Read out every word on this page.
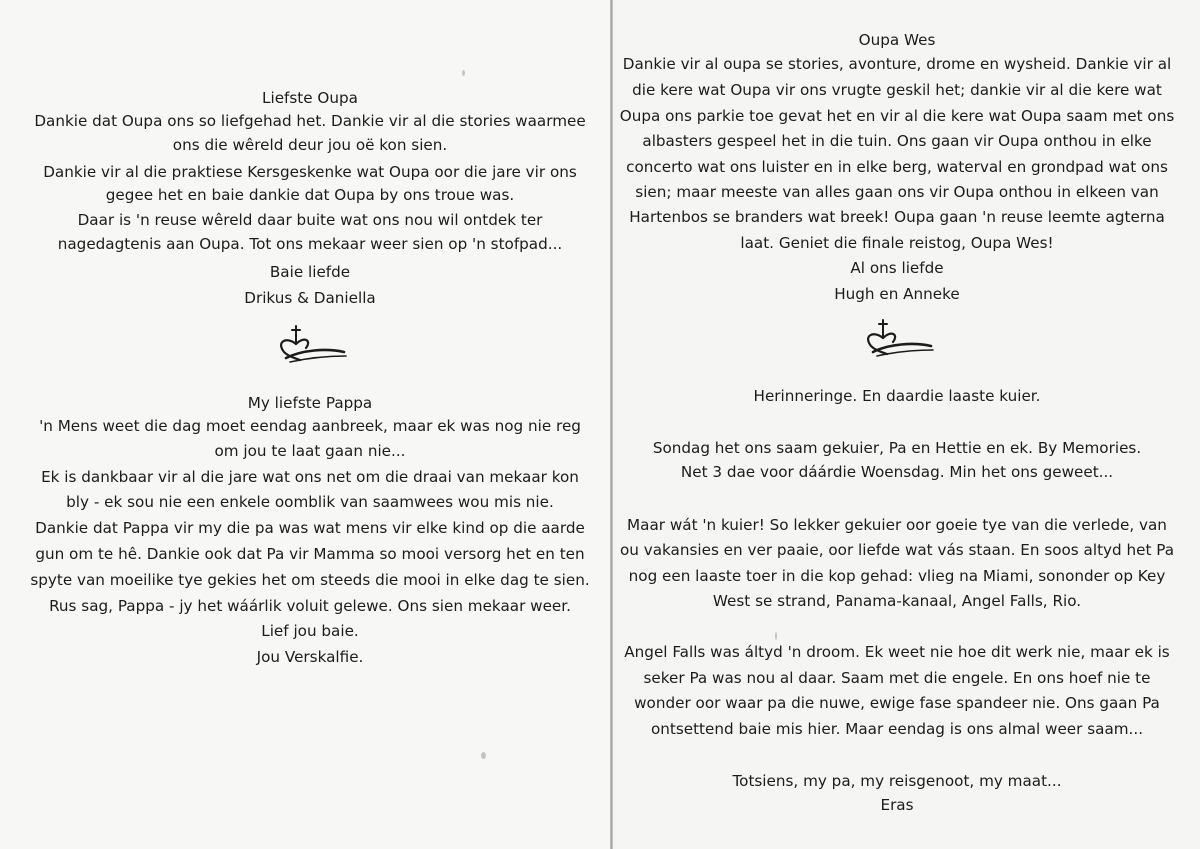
Liefste Oupa
Dankie dat Oupa ons so liefgehad het. Dankie vir al die stories waarmee
ons die wêreld deur jou oë kon sien.
Dankie vir al die praktiese Kersgeskenke wat Oupa oor die jare vir ons
gegee het en baie dankie dat Oupa by ons troue was.
Daar is 'n reuse wêreld daar buite wat ons nou wil ontdek ter
nagedagtenis aan Oupa. Tot ons mekaar weer sien op 'n stofpad...
Baie liefde
Drikus & Daniella
My liefste Pappa
'n Mens weet die dag moet eendag aanbreek, maar ek was nog nie reg
om jou te laat gaan nie...
Ek is dankbaar vir al die jare wat ons net om die draai van mekaar kon
bly - ek sou nie een enkele oomblik van saamwees wou mis nie.
Dankie dat Pappa vir my die pa was wat mens vir elke kind op die aarde
gun om te hê. Dankie ook dat Pa vir Mamma so mooi versorg het en ten
spyte van moeilike tye gekies het om steeds die mooi in elke dag te sien.
Rus sag, Pappa - jy het wáárlik voluit gelewe. Ons sien mekaar weer.
Lief jou baie.
Jou Verskalfie.
Oupa Wes
Dankie vir al oupa se stories, avonture, drome en wysheid. Dankie vir al
die kere wat Oupa vir ons vrugte geskil het; dankie vir al die kere wat
Oupa ons parkie toe gevat het en vir al die kere wat Oupa saam met ons
albasters gespeel het in die tuin. Ons gaan vir Oupa onthou in elke
concerto wat ons luister en in elke berg, waterval en grondpad wat ons
sien; maar meeste van alles gaan ons vir Oupa onthou in elkeen van
Hartenbos se branders wat breek! Oupa gaan 'n reuse leemte agterna
laat. Geniet die finale reistog, Oupa Wes!
Al ons liefde
Hugh en Anneke
Herinneringe. En daardie laaste kuier.
Sondag het ons saam gekuier, Pa en Hettie en ek. By Memories.
Net 3 dae voor dáárdie Woensdag. Min het ons geweet...
Maar wát 'n kuier! So lekker gekuier oor goeie tye van die verlede, van
ou vakansies en ver paaie, oor liefde wat vás staan. En soos altyd het Pa
nog een laaste toer in die kop gehad: vlieg na Miami, sononder op Key
West se strand, Panama-kanaal, Angel Falls, Rio.
Angel Falls was áltyd 'n droom. Ek weet nie hoe dit werk nie, maar ek is
seker Pa was nou al daar. Saam met die engele. En ons hoef nie te
wonder oor waar pa die nuwe, ewige fase spandeer nie. Ons gaan Pa
ontsettend baie mis hier. Maar eendag is ons almal weer saam...
Totsiens, my pa, my reisgenoot, my maat...
Eras
